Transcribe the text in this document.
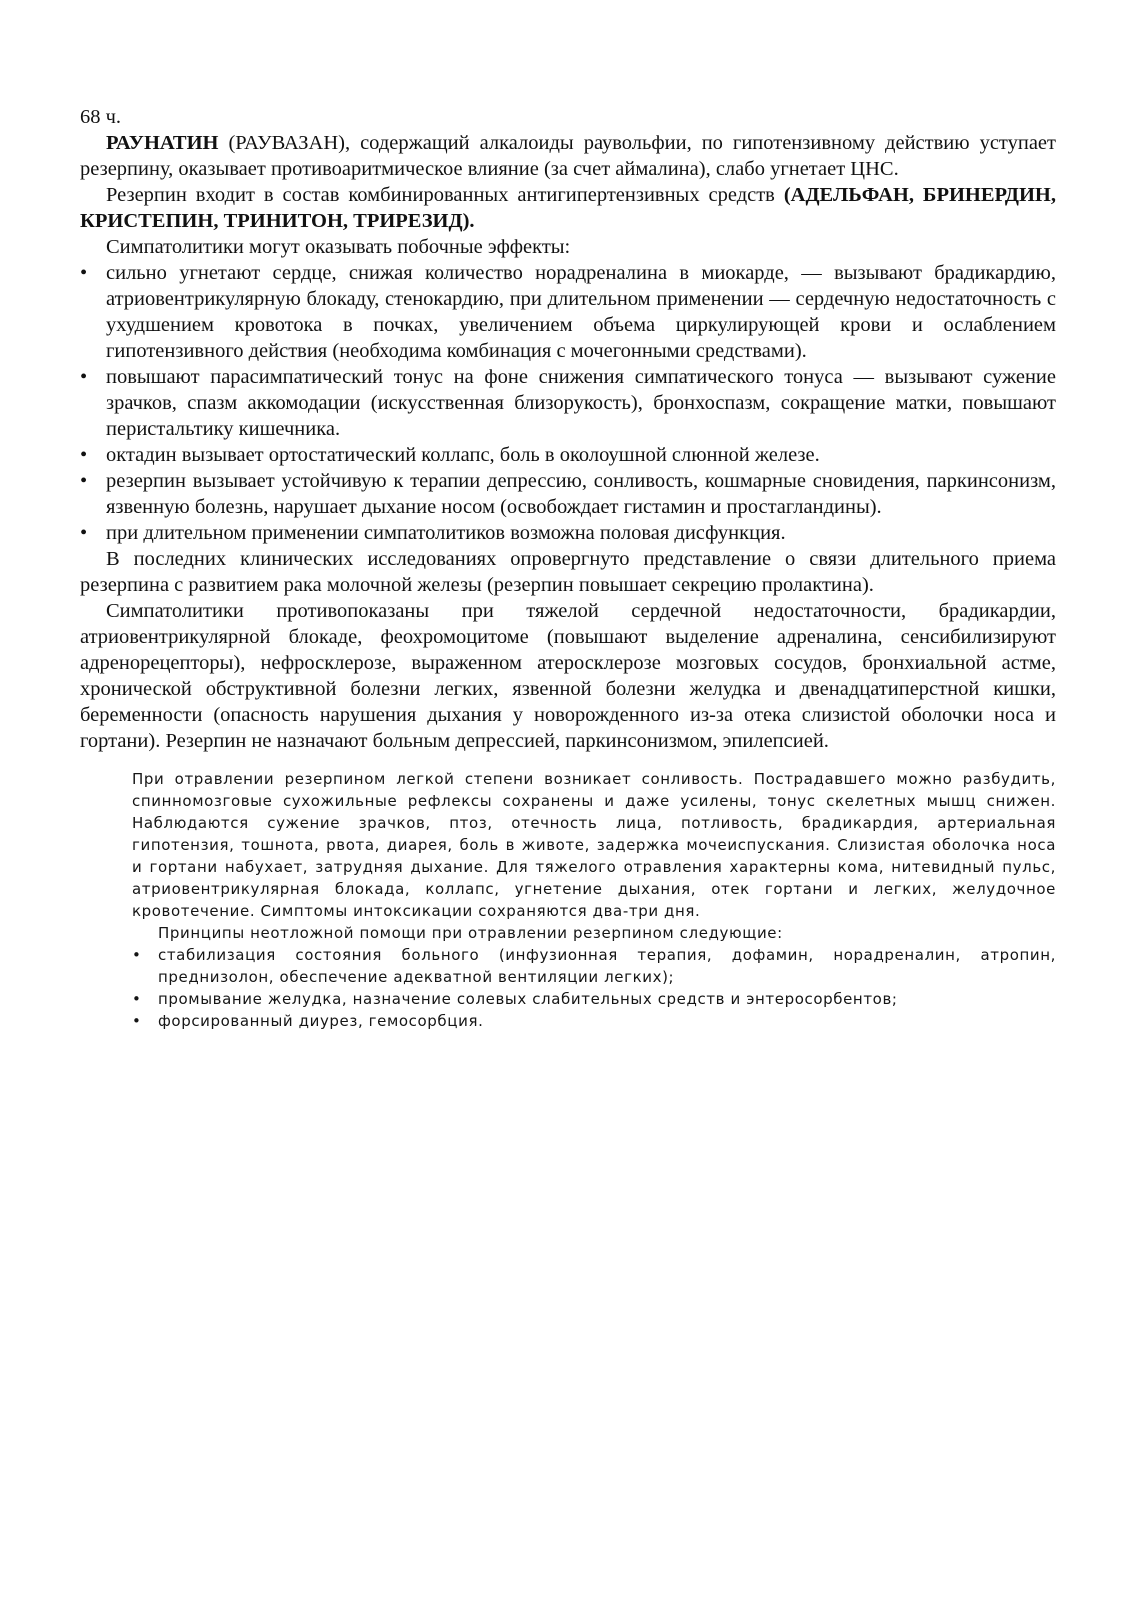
68 ч.

РАУНАТИН (РАУВАЗАН), содержащий алкалоиды раувольфии, по гипотензивному действию уступает резерпину, оказывает противоаритмическое влияние (за счет аймалина), слабо угнетает ЦНС.

Резерпин входит в состав комбинированных антигипертензивных средств (АДЕЛЬФАН, БРИНЕРДИН, КРИСТЕПИН, ТРИНИТОН, ТРИРЕЗИД).

Симпатолитики могут оказывать побочные эффекты:

• сильно угнетают сердце, снижая количество норадреналина в миокарде, — вызывают брадикардию, атриовентрикулярную блокаду, стенокардию, при длительном применении — сердечную недостаточность с ухудшением кровотока в почках, увеличением объема циркулирующей крови и ослаблением гипотензивного действия (необходима комбинация с мочегонными средствами).
• повышают парасимпатический тонус на фоне снижения симпатического тонуса — вызывают сужение зрачков, спазм аккомодации (искусственная близорукость), бронхоспазм, сокращение матки, повышают перистальтику кишечника.
• октадин вызывает ортостатический коллапс, боль в околоушной слюнной железе.
• резерпин вызывает устойчивую к терапии депрессию, сонливость, кошмарные сновидения, паркинсонизм, язвенную болезнь, нарушает дыхание носом (освобождает гистамин и простагландины).
• при длительном применении симпатолитиков возможна половая дисфункция.

В последних клинических исследованиях опровергнуто представление о связи длительного приема резерпина с развитием рака молочной железы (резерпин повышает секрецию пролактина).

Симпатолитики противопоказаны при тяжелой сердечной недостаточности, брадикардии, атриовентрикулярной блокаде, феохромоцитоме (повышают выделение адреналина, сенсибилизируют адренорецепторы), нефросклерозе, выраженном атеросклерозе мозговых сосудов, бронхиальной астме, хронической обструктивной болезни легких, язвенной болезни желудка и двенадцатиперстной кишки, беременности (опасность нарушения дыхания у новорожденного из-за отека слизистой оболочки носа и гортани). Резерпин не назначают больным депрессией, паркинсонизмом, эпилепсией.

При отравлении резерпином легкой степени возникает сонливость. Пострадавшего можно разбудить, спинномозговые сухожильные рефлексы сохранены и даже усилены, тонус скелетных мышц снижен. Наблюдаются сужение зрачков, птоз, отечность лица, потливость, брадикардия, артериальная гипотензия, тошнота, рвота, диарея, боль в животе, задержка мочеиспускания. Слизистая оболочка носа и гортани набухает, затрудняя дыхание. Для тяжелого отравления характерны кома, нитевидный пульс, атриовентрикулярная блокада, коллапс, угнетение дыхания, отек гортани и легких, желудочное кровотечение. Симптомы интоксикации сохраняются два-три дня.

Принципы неотложной помощи при отравлении резерпином следующие:

• стабилизация состояния больного (инфузионная терапия, дофамин, норадреналин, атропин, преднизолон, обеспечение адекватной вентиляции легких);
• промывание желудка, назначение солевых слабительных средств и энтеросорбентов;
• форсированный диурез, гемосорбция.
